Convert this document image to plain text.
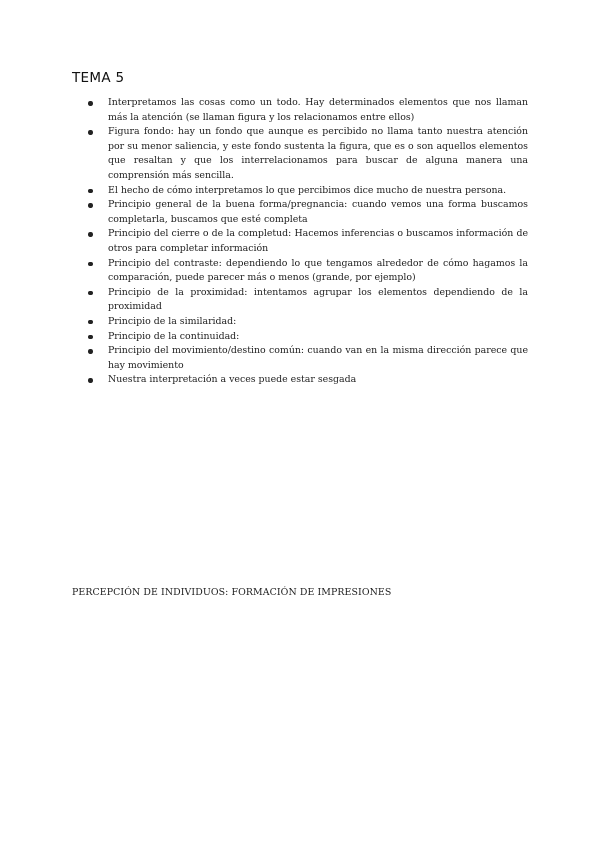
TEMA 5
Interpretamos las cosas como un todo. Hay determinados elementos que nos llaman más la atención (se llaman figura y los relacionamos entre ellos)
Figura fondo: hay un fondo que aunque es percibido no llama tanto nuestra atención por su menor saliencia, y este fondo sustenta la figura, que es o son aquellos elementos que resaltan y que los interrelacionamos para buscar de alguna manera una comprensión más sencilla.
El hecho de cómo interpretamos lo que percibimos dice mucho de nuestra persona.
Principio general de la buena forma/pregnancia: cuando vemos una forma buscamos completarla, buscamos que esté completa
Principio del cierre o de la completud: Hacemos inferencias o buscamos información de otros para completar información
Principio del contraste: dependiendo lo que tengamos alrededor de cómo hagamos la comparación, puede parecer más o menos (grande, por ejemplo)
Principio de la proximidad: intentamos agrupar los elementos dependiendo de la proximidad
Principio de la similaridad:
Principio de la continuidad:
Principio del movimiento/destino común: cuando van en la misma dirección parece que hay movimiento
Nuestra interpretación a veces puede estar sesgada

PERCEPCIÓN DE INDIVIDUOS: FORMACIÓN DE IMPRESIONES
